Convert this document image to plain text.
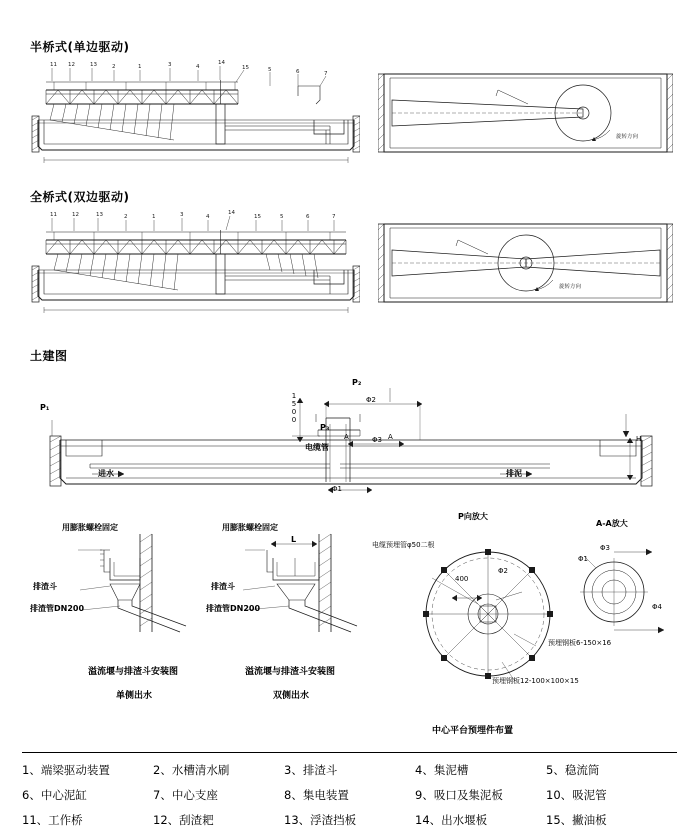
半桥式(单边驱动)
11 12	13	2	1	3	4
14
15	5	6	7
旋转方向
全桥式(双边驱动)
11	12	13	2	1	3	4
14
15	5	6	7
旋转方向
土建图
P₁
P₂
P₃
1500	Φ2
Φ3
Φ1
电缆管
进水	排泥
A	A	H
用膨胀螺栓固定
排渣斗
排渣管DN200
溢流堰与排渣斗安装图
单侧出水
用膨胀螺栓固定
排渣斗
排渣管DN200
L
溢流堰与排渣斗安装图
双侧出水
P向放大
电缆预埋管φ50二根
400
Φ2
预埋钢板6-150×16
预埋钢板12-100×100×15
中心平台预埋件布置
A-A放大
Φ3
Φ4
Φ1
1、端梁驱动装置	2、水槽清水刷	3、排渣斗	4、集泥槽	5、稳流筒
6、中心泥缸	7、中心支座	8、集电装置	9、吸口及集泥板	10、吸泥管
11、工作桥	12、刮渣耙	13、浮渣挡板	14、出水堰板	15、撇油板
